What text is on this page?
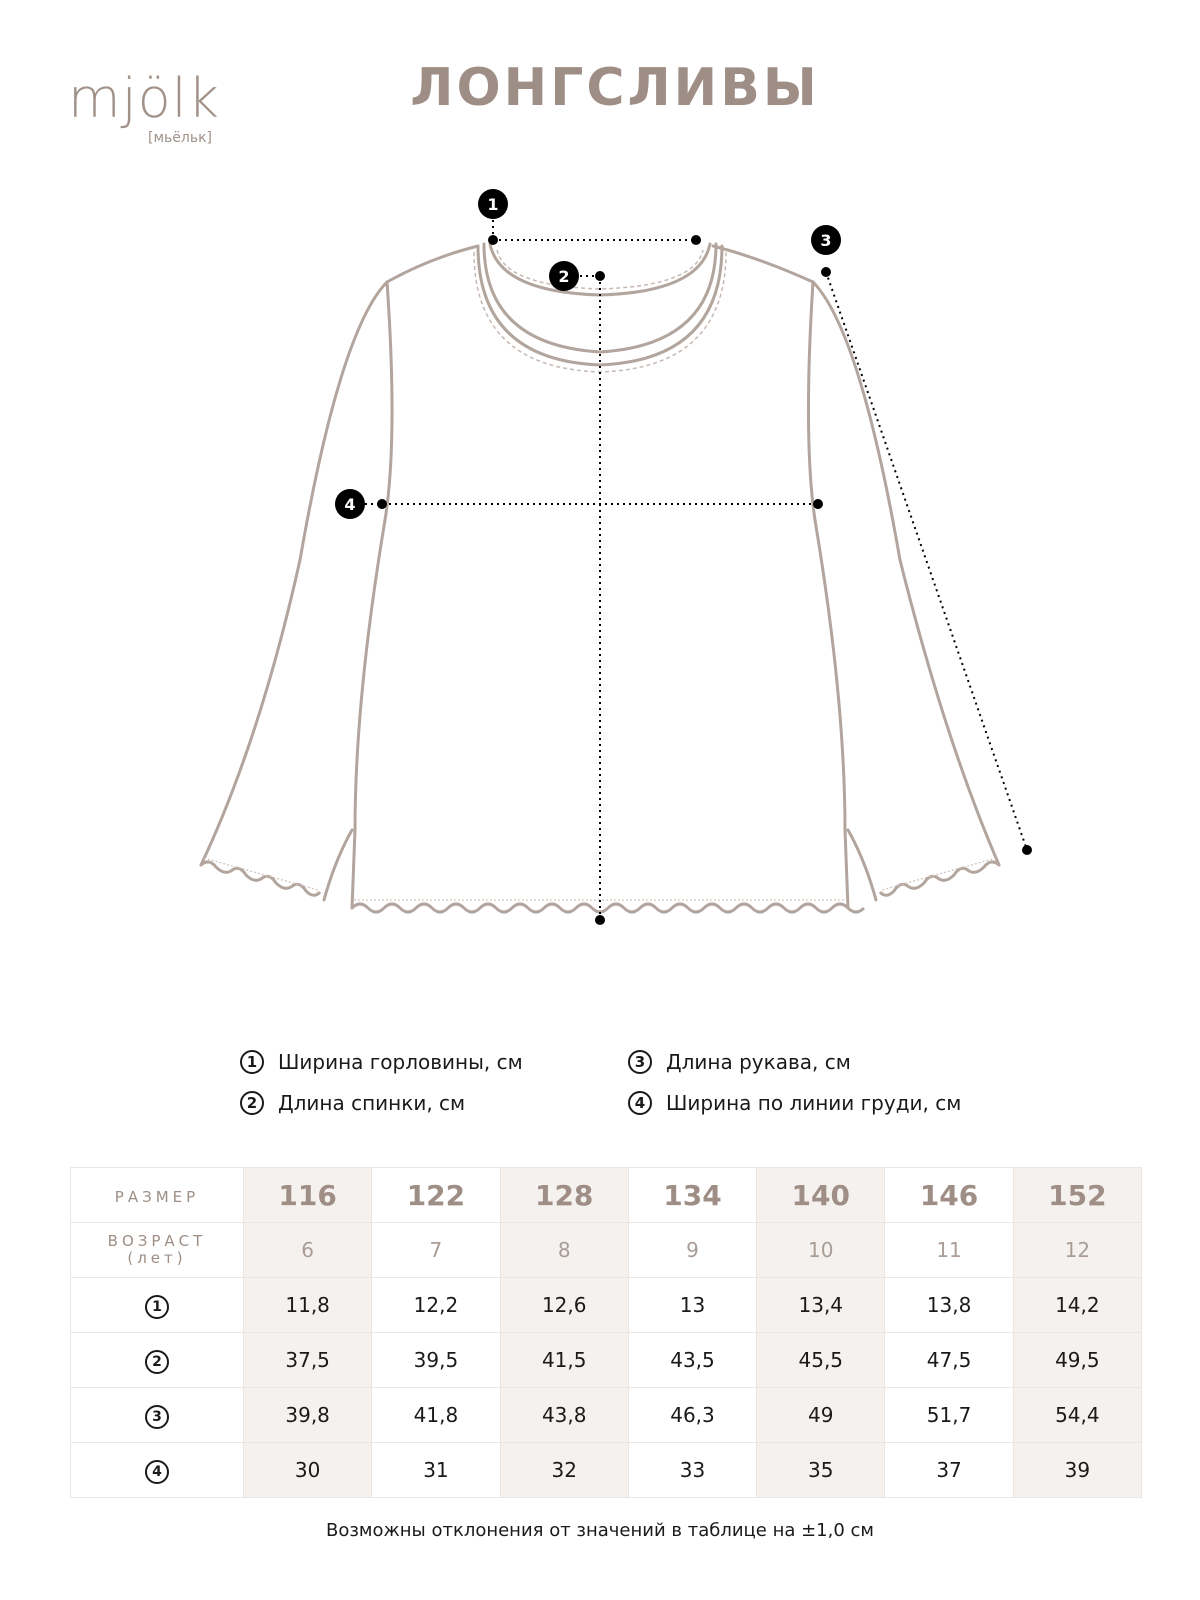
mjölk
[мьёльк]
ЛОНГСЛИВЫ
1
2
3
4
1	Ширина горловины, см
2	Длина спинки, см
3	Длина рукава, см
4	Ширина по линии груди, см
РАЗМЕР	116	122	128	134	140	146	152

ВОЗРАСТ
(лет)	6	7	8	9	10	11	12
1	11,8	12,2	12,6	13	13,4	13,8	14,2
2	37,5	39,5	41,5	43,5	45,5	47,5	49,5
3	39,8	41,8	43,8	46,3	49	51,7	54,4
4	30	31	32	33	35	37	39
Возможны отклонения от значений в таблице на ±1,0 см
